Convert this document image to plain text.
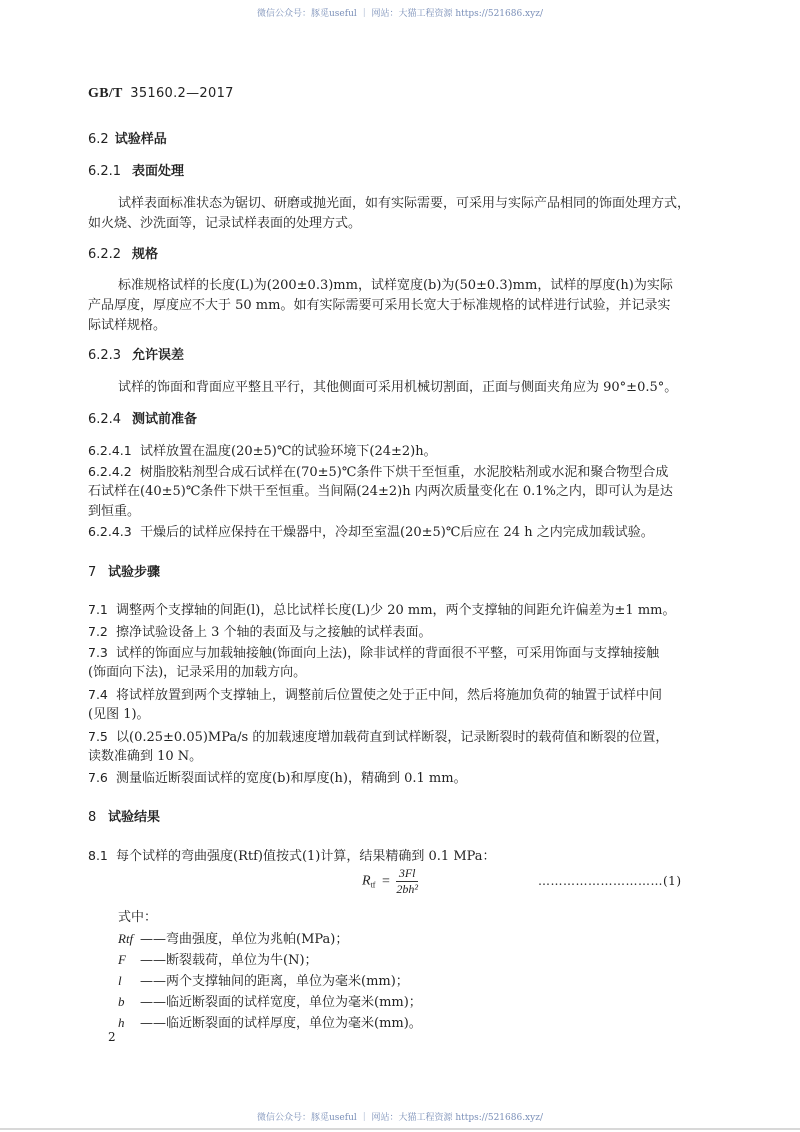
微信公众号：豚觅useful ｜ 网站：大猫工程资源 https://521686.xyz/
GB/T 35160.2—2017
6.2 试验样品
6.2.1 表面处理
试样表面标准状态为锯切、研磨或抛光面，如有实际需要，可采用与实际产品相同的饰面处理方式，
如火烧、沙洗面等，记录试样表面的处理方式。
6.2.2 规格
标准规格试样的长度(L)为(200±0.3)mm，试样宽度(b)为(50±0.3)mm，试样的厚度(h)为实际
产品厚度，厚度应不大于 50 mm。如有实际需要可采用长宽大于标准规格的试样进行试验，并记录实
际试样规格。
6.2.3 允许误差
试样的饰面和背面应平整且平行，其他侧面可采用机械切割面，正面与侧面夹角应为 90°±0.5°。
6.2.4 测试前准备
6.2.4.1 试样放置在温度(20±5)℃的试验环境下(24±2)h。
6.2.4.2 树脂胶粘剂型合成石试样在(70±5)℃条件下烘干至恒重，水泥胶粘剂或水泥和聚合物型合成
石试样在(40±5)℃条件下烘干至恒重。当间隔(24±2)h 内两次质量变化在 0.1%之内，即可认为是达
到恒重。
6.2.4.3 干燥后的试样应保持在干燥器中，冷却至室温(20±5)℃后应在 24 h 之内完成加载试验。
7 试验步骤
7.1 调整两个支撑轴的间距(l)，总比试样长度(L)少 20 mm，两个支撑轴的间距允许偏差为±1 mm。
7.2 擦净试验设备上 3 个轴的表面及与之接触的试样表面。
7.3 试样的饰面应与加载轴接触(饰面向上法)，除非试样的背面很不平整，可采用饰面与支撑轴接触
(饰面向下法)，记录采用的加载方向。
7.4 将试样放置到两个支撑轴上，调整前后位置使之处于正中间，然后将施加负荷的轴置于试样中间
(见图 1)。
7.5 以(0.25±0.05)MPa/s 的加载速度增加载荷直到试样断裂，记录断裂时的载荷值和断裂的位置，
读数准确到 10 N。
7.6 测量临近断裂面试样的宽度(b)和厚度(h)，精确到 0.1 mm。
8 试验结果
8.1 每个试样的弯曲强度(Rtf)值按式(1)计算，结果精确到 0.1 MPa：
$R_{tf} = \frac{3Fl}{\text{2bh²}}$	…………………………(1)
式中：
Rtf ——弯曲强度，单位为兆帕(MPa)；
F ——断裂载荷，单位为牛(N)；
l ——两个支撑轴间的距离，单位为毫米(mm)；
b ——临近断裂面的试样宽度，单位为毫米(mm)；
h ——临近断裂面的试样厚度，单位为毫米(mm)。
2
微信公众号：豚觅useful ｜ 网站：大猫工程资源 https://521686.xyz/
